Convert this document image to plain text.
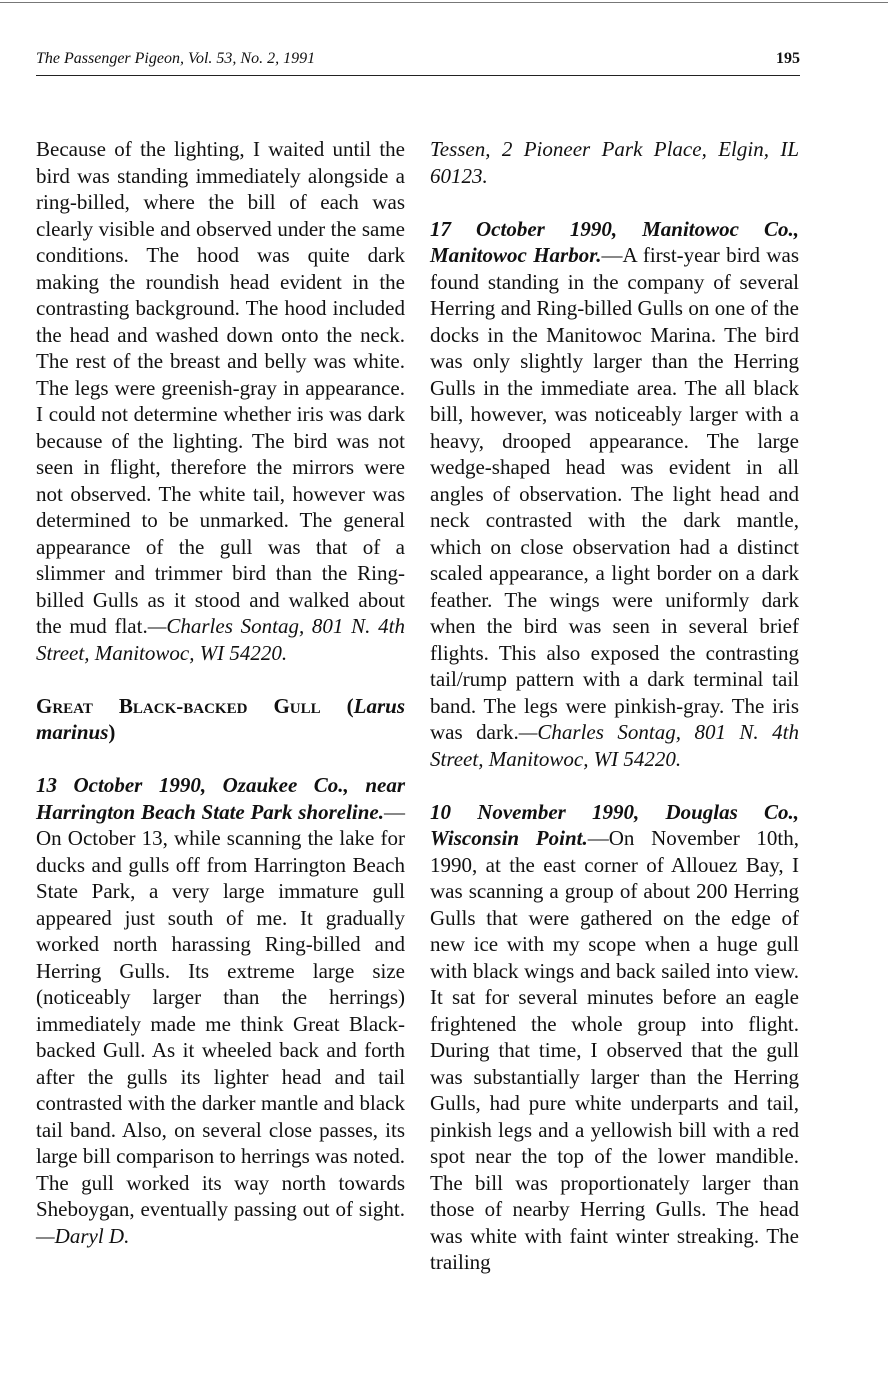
The Passenger Pigeon, Vol. 53, No. 2, 1991	195

Because of the lighting, I waited until the bird was standing immediately alongside a ring-billed, where the bill of each was clearly visible and observed under the same conditions. The hood was quite dark making the roundish head evident in the contrasting background. The hood included the head and washed down onto the neck. The rest of the breast and belly was white. The legs were greenish-gray in appearance. I could not determine whether iris was dark because of the lighting. The bird was not seen in flight, therefore the mirrors were not observed. The white tail, however was determined to be unmarked. The general appearance of the gull was that of a slimmer and trimmer bird than the Ring-billed Gulls as it stood and walked about the mud flat.—Charles Sontag, 801 N. 4th Street, Manitowoc, WI 54220.

Great Black-backed Gull (Larus marinus)

13 October 1990, Ozaukee Co., near Harrington Beach State Park shoreline.—On October 13, while scanning the lake for ducks and gulls off from Harrington Beach State Park, a very large immature gull appeared just south of me. It gradually worked north harassing Ring-billed and Herring Gulls. Its extreme large size (noticeably larger than the herrings) immediately made me think Great Black-backed Gull. As it wheeled back and forth after the gulls its lighter head and tail contrasted with the darker mantle and black tail band. Also, on several close passes, its large bill comparison to herrings was noted. The gull worked its way north towards Sheboygan, eventually passing out of sight.—Daryl D.

Tessen, 2 Pioneer Park Place, Elgin, IL 60123.

17 October 1990, Manitowoc Co., Manitowoc Harbor.—A first-year bird was found standing in the company of several Herring and Ring-billed Gulls on one of the docks in the Manitowoc Marina. The bird was only slightly larger than the Herring Gulls in the immediate area. The all black bill, however, was noticeably larger with a heavy, drooped appearance. The large wedge-shaped head was evident in all angles of observation. The light head and neck contrasted with the dark mantle, which on close observation had a distinct scaled appearance, a light border on a dark feather. The wings were uniformly dark when the bird was seen in several brief flights. This also exposed the contrasting tail/rump pattern with a dark terminal tail band. The legs were pinkish-gray. The iris was dark.—Charles Sontag, 801 N. 4th Street, Manitowoc, WI 54220.

10 November 1990, Douglas Co., Wisconsin Point.—On November 10th, 1990, at the east corner of Allouez Bay, I was scanning a group of about 200 Herring Gulls that were gathered on the edge of new ice with my scope when a huge gull with black wings and back sailed into view. It sat for several minutes before an eagle frightened the whole group into flight. During that time, I observed that the gull was substantially larger than the Herring Gulls, had pure white underparts and tail, pinkish legs and a yellowish bill with a red spot near the top of the lower mandible. The bill was proportionately larger than those of nearby Herring Gulls. The head was white with faint winter streaking. The trailing
